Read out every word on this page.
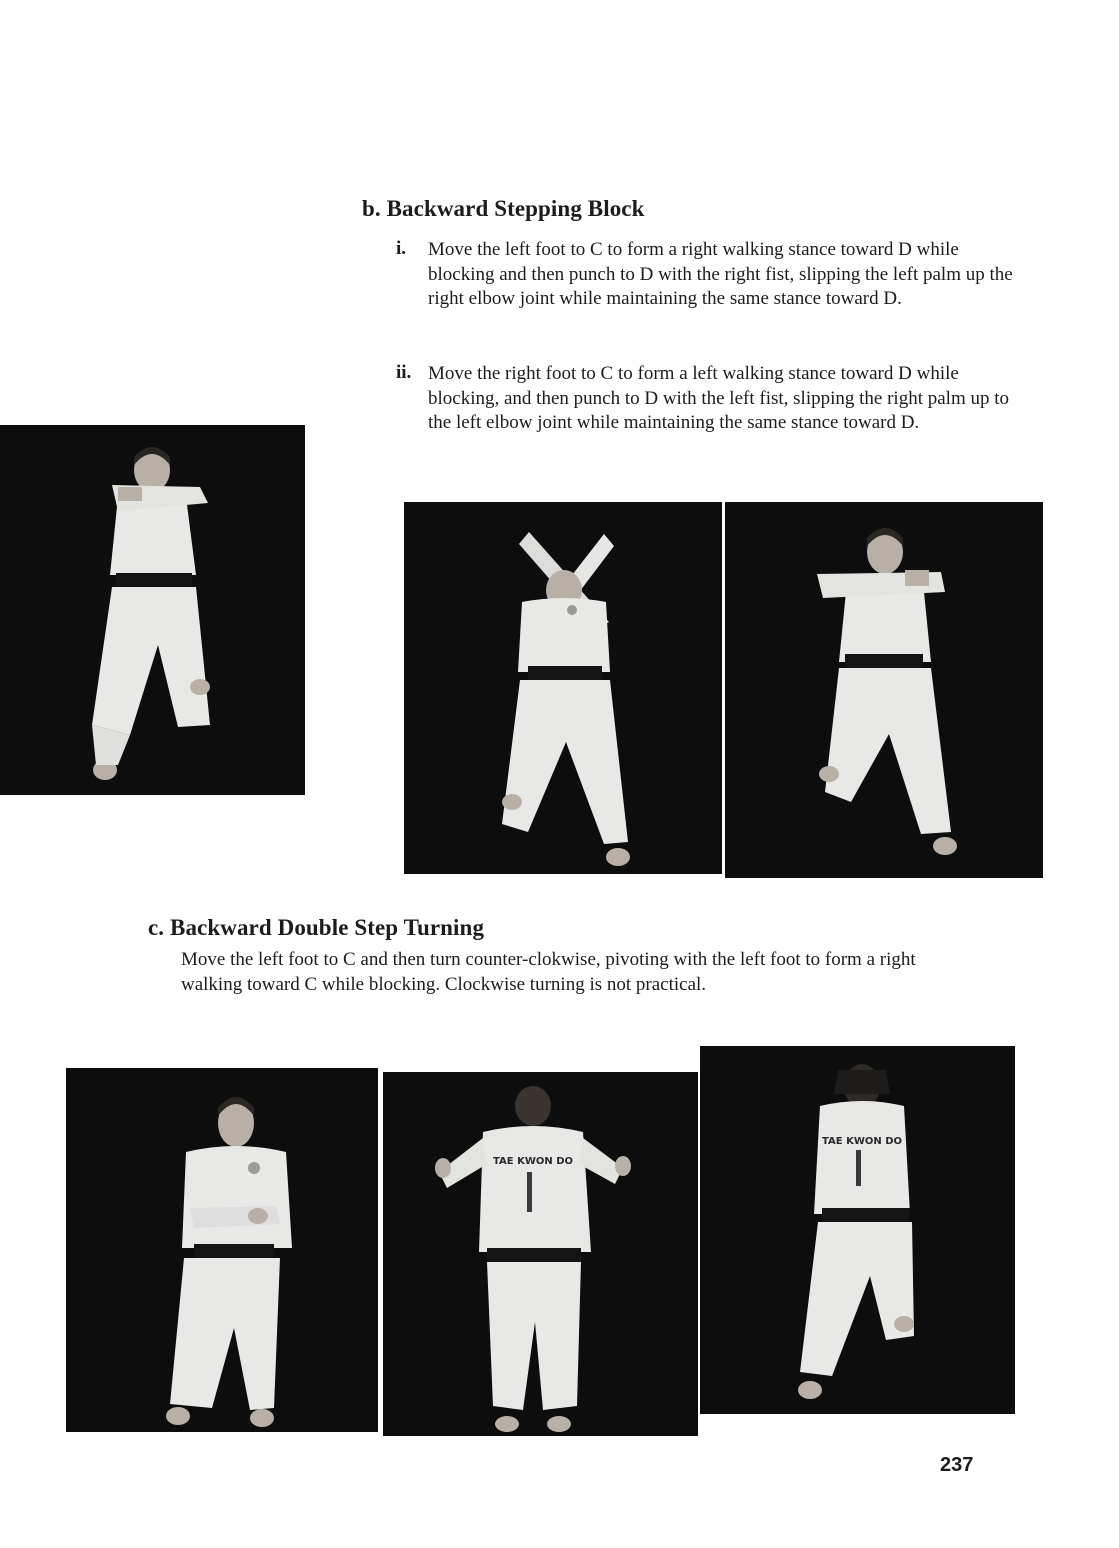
b. Backward Stepping Block
i. Move the left foot to C to form a right walking stance toward D while blocking and then punch to D with the right fist, slipping the left palm up the right elbow joint while maintaining the same stance toward D.

ii. Move the right foot to C to form a left walking stance toward D while blocking, and then punch to D with the left fist, slipping the right palm up to the left elbow joint while maintaining the same stance toward D.

c. Backward Double Step Turning

Move the left foot to C and then turn counter-clokwise, pivoting with the left foot to form a right walking toward C while blocking. Clockwise turning is not practical.

TAE KWON DO
TAE KWON DO
237
